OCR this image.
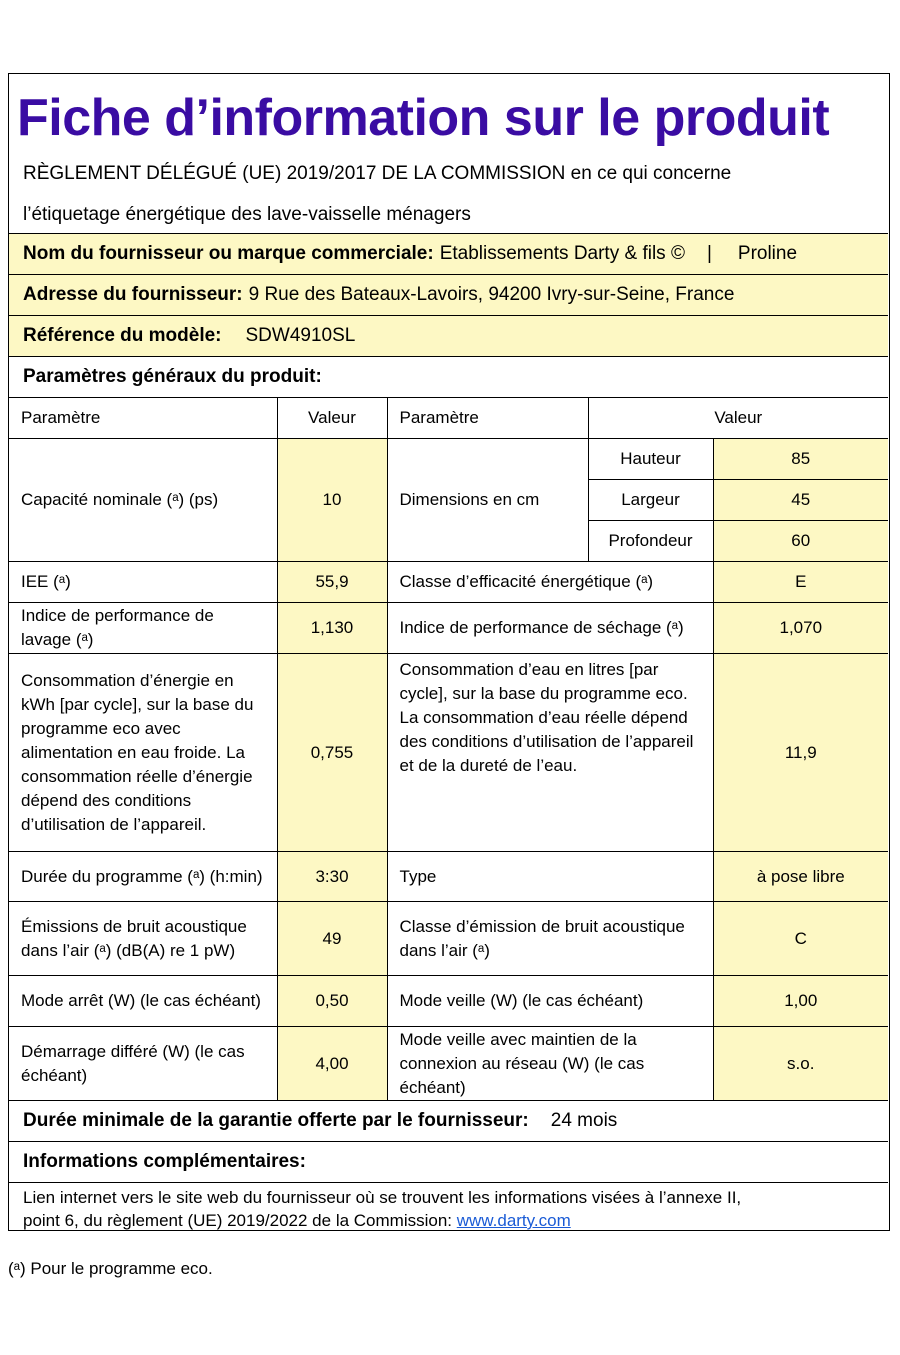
Fiche d’information sur le produit
RÈGLEMENT DÉLÉGUÉ (UE) 2019/2017 DE LA COMMISSION en ce qui concerne
l’étiquetage énergétique des lave-vaisselle ménagers
Nom du fournisseur ou marque commerciale: Etablissements Darty & fils © | Proline
Adresse du fournisseur: 9 Rue des Bateaux-Lavoirs, 94200 Ivry-sur-Seine, France
Référence du modèle: SDW4910SL
Paramètres généraux du produit:
Paramètre	Valeur	Paramètre	Valeur	
Capacité nominale (ᵃ) (ps)	10	Dimensions en cm	Hauteur	85
			Largeur	45
			Profondeur	60
IEE (ᵃ)	55,9	Classe d’efficacité énergétique (ᵃ)		E
Indice de performance de lavage (ᵃ)	1,130	Indice de performance de séchage (ᵃ)		1,070
Consommation d’énergie en kWh [par cycle], sur la base du programme eco avec alimentation en eau froide. La consommation réelle d’énergie dépend des conditions d’utilisation de l’appareil.	0,755	Consommation d’eau en litres [par cycle], sur la base du programme eco. La consommation d’eau réelle dépend des conditions d’utilisation de l’appareil et de la dureté de l’eau.		11,9
Durée du programme (ᵃ) (h:min)	3:30	Type		à pose libre
Émissions de bruit acoustique dans l’air (ᵃ) (dB(A) re 1 pW)	49	Classe d’émission de bruit acoustique dans l’air (ᵃ)		C
Mode arrêt (W) (le cas échéant)	0,50	Mode veille (W) (le cas échéant)		1,00
Démarrage différé (W) (le cas échéant)	4,00	Mode veille avec maintien de la connexion au réseau (W) (le cas échéant)		s.o.
Durée minimale de la garantie offerte par le fournisseur: 24 mois
Informations complémentaires:
Lien internet vers le site web du fournisseur où se trouvent les informations visées à l’annexe II,
point 6, du règlement (UE) 2019/2022 de la Commission: www.darty.com
(ᵃ) Pour le programme eco.
